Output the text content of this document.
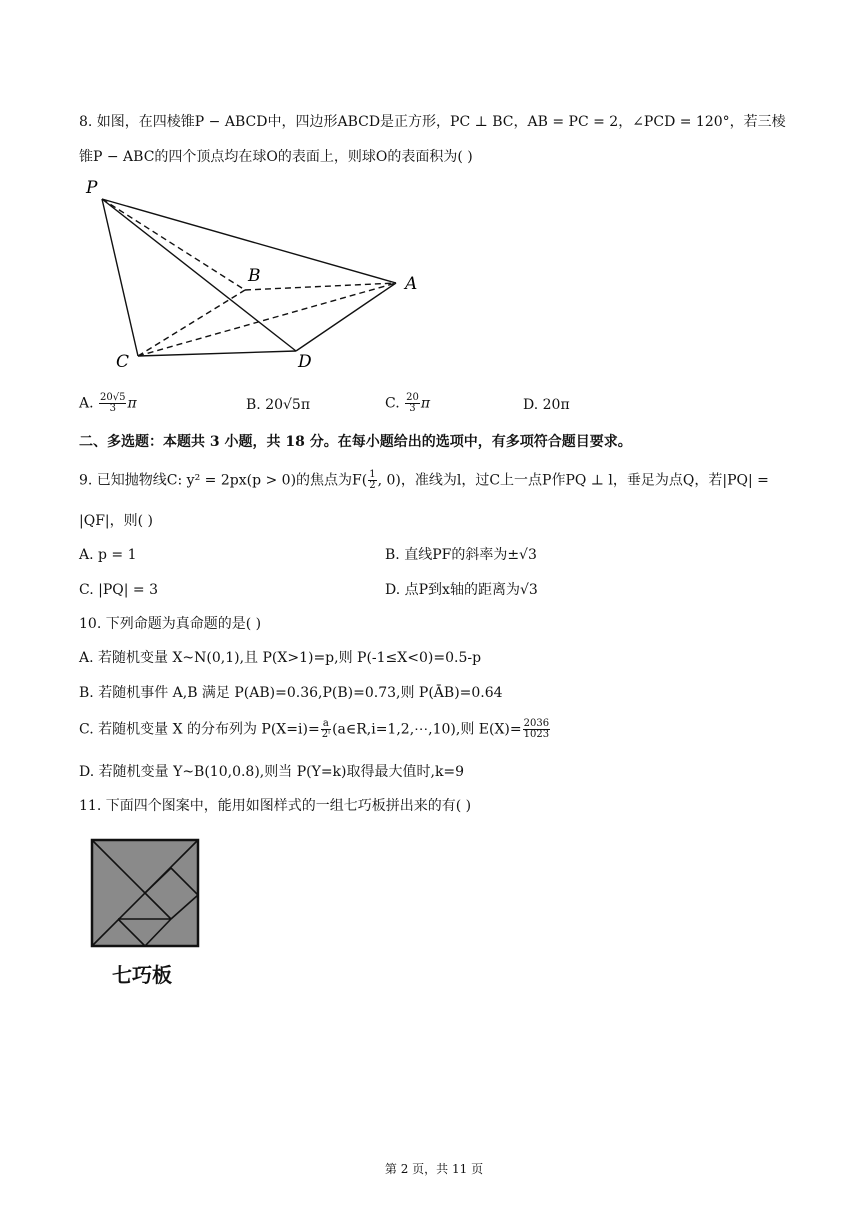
8. 如图，在四棱锥P − ABCD中，四边形ABCD是正方形，PC ⊥ BC，AB = PC = 2，∠PCD = 120°，若三棱
锥P − ABC的四个顶点均在球O的表面上，则球O的表面积为( )
P
B	A
C	D
A. $\frac{20√5}{3}$ π	B. 20√5π	C. $\frac{20}{3}$ π	D. 20π
二、多选题：本题共 3 小题，共 18 分。在每小题给出的选项中，有多项符合题目要求。
9. 已知抛物线C: y² = 2px(p > 0)的焦点为$F( \frac{1}{2}$ , 0)，准线为l，过C上一点P作PQ ⊥ l，垂足为点Q，若|PQ| =
|QF|，则( )
A. p = 1	B. 直线PF的斜率为±√3
C. |PQ| = 3	D. 点P到x轴的距离为√3
10. 下列命题为真命题的是( )
A. 若随机变量 X~N(0,1),且 P(X>1)=p,则 P(-1≤X<0)=0.5-p
B. 若随机事件 A,B 满足 P(AB)=0.36,P(B)=0.73,则 P(ĀB)=0.64
C. 若随机变量 X 的分布列为 $P(X=i)= \frac{a}{\text{2ⁱ}}$ (a∈R,i=1,2,⋯,10),则 $E(X)= \frac{2036}{1023}$
D. 若随机变量 Y~B(10,0.8),则当 P(Y=k)取得最大值时,k=9
11. 下面四个图案中，能用如图样式的一组七巧板拼出来的有( )
七巧板
第 2 页，共 11 页
